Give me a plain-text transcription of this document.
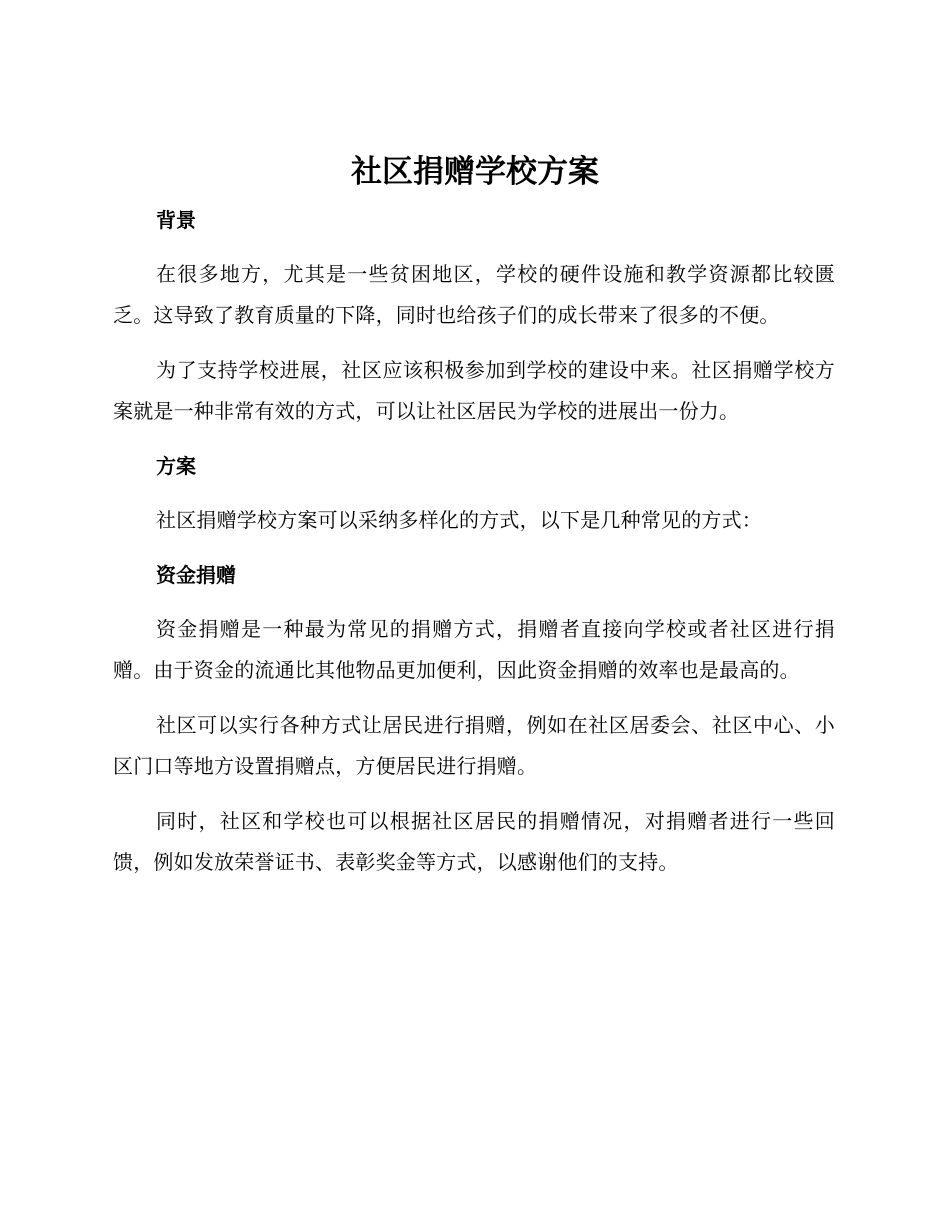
社区捐赠学校方案

背景

在很多地方，尤其是一些贫困地区，学校的硬件设施和教学资源都比较匮乏。这导致了教育质量的下降，同时也给孩子们的成长带来了很多的不便。

为了支持学校进展，社区应该积极参加到学校的建设中来。社区捐赠学校方案就是一种非常有效的方式，可以让社区居民为学校的进展出一份力。

方案

社区捐赠学校方案可以采纳多样化的方式，以下是几种常见的方式：

资金捐赠

资金捐赠是一种最为常见的捐赠方式，捐赠者直接向学校或者社区进行捐赠。由于资金的流通比其他物品更加便利，因此资金捐赠的效率也是最高的。

社区可以实行各种方式让居民进行捐赠，例如在社区居委会、社区中心、小区门口等地方设置捐赠点，方便居民进行捐赠。

同时，社区和学校也可以根据社区居民的捐赠情况，对捐赠者进行一些回馈，例如发放荣誉证书、表彰奖金等方式，以感谢他们的支持。
